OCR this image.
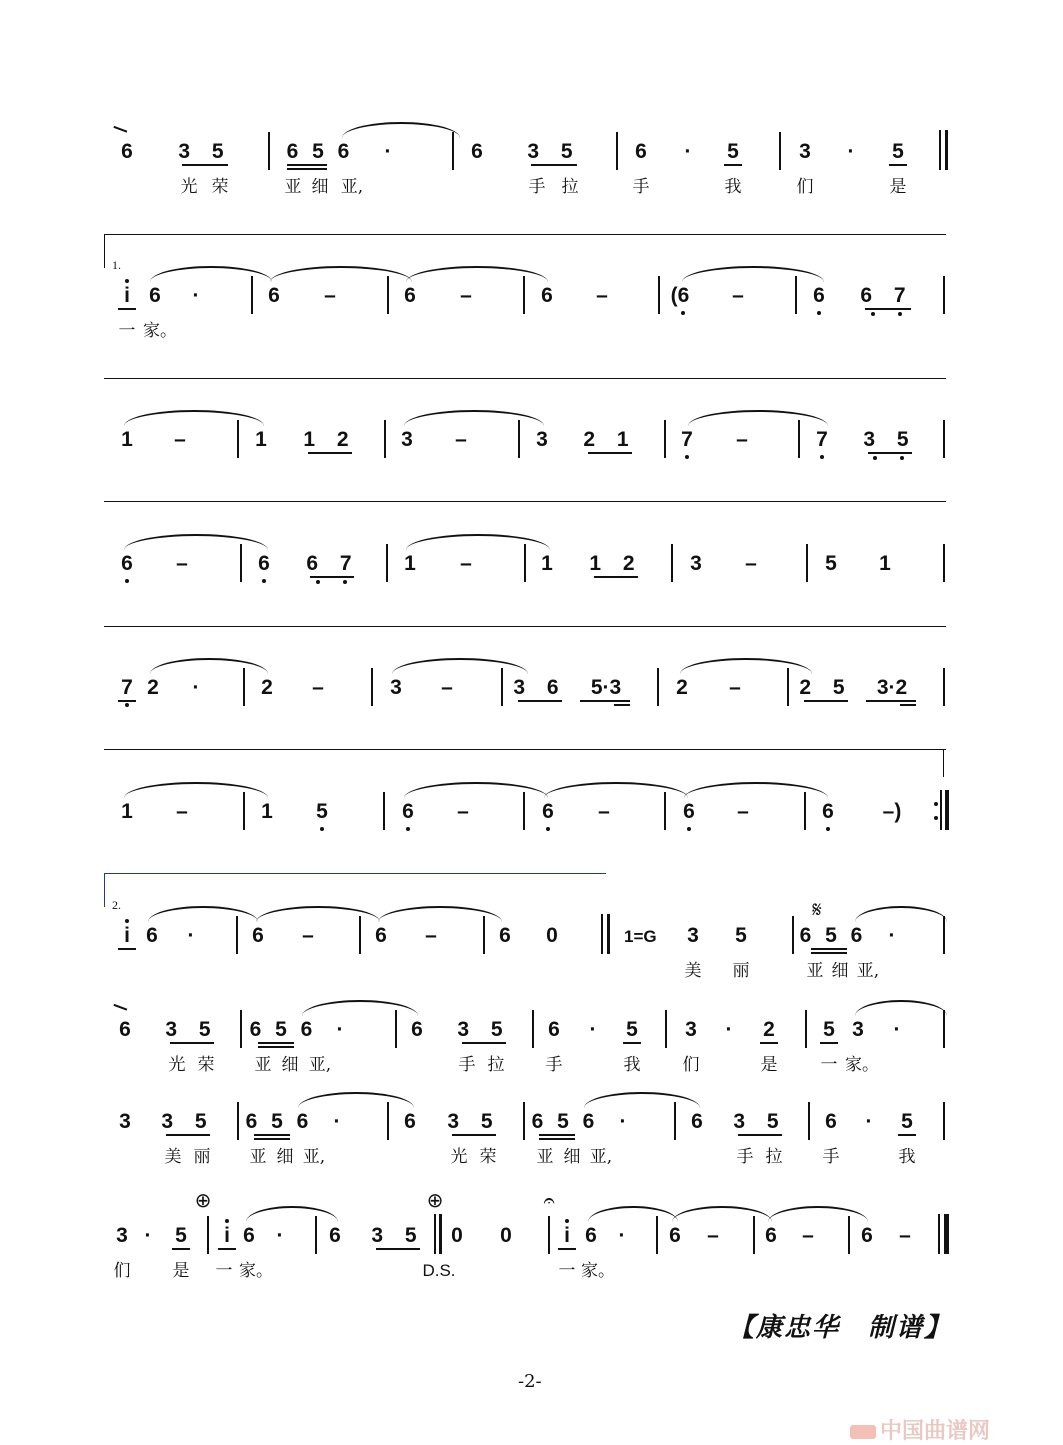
6 3 5	6 5 6 ·	6 3 5	6 · 5	3 · 5
光 荣	亚 细 亚,	手 拉	手	我	们	是
1.
i 6 ·	6 –	6 –	6 –	(6 –	6 6 7
一 家。
1 –	1 1 2 3 –	3 2 1 7 –	7 3 5
6 –	6 6 7 1 –	1 1 2 3 –	5 1
7 2 ·	2 –	3 –	3 6 5·3	2 –	2 5 3·2
1 –	1 5	6 –	6 –	6 –	6 –)
2.
i 6 ·	6 –	6 –	6 0	1=G 3 5
𝄋
6 5 6 ·
美 丽	亚 细 亚,
6 3 5 6 5 6 ·	6 3 5 6 · 5 3 · 2 5 3 ·
光 荣 亚 细 亚,	手 拉 手	我 们	是	一 家。
3 3 5 6 5 6 ·	6 3 5 6 5 6 ·	6 3 5 6 · 5
美 丽 亚 细 亚,	光 荣 亚 细 亚,	手 拉 手	我
⊕	⊕	𝄐
3 · 5 i 6 · 6 3 5 0 0 i 6 · 6 – 6 – 6 –
们 是 一 家。	D.S.	一 家。
【康忠华　制谱】
-2-
中国曲谱网
